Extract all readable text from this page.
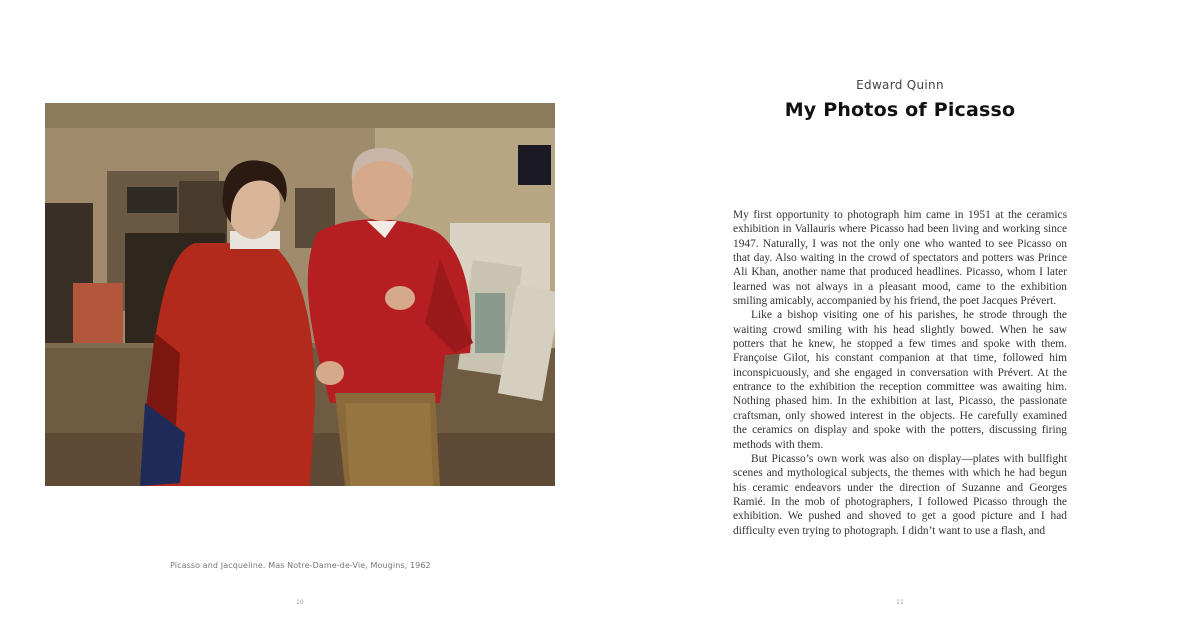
Picasso and Jacqueline. Mas Notre-Dame-de-Vie, Mougins, 1962
10
Edward Quinn
My Photos of Picasso

My first opportunity to photograph him came in 1951 at the ceramics exhibition in Vallauris where Picasso had been living and working since 1947. Naturally, I was not the only one who wanted to see Picasso on that day. Also waiting in the crowd of spectators and potters was Prince Ali Khan, another name that produced headlines. Picasso, whom I later learned was not always in a pleasant mood, came to the exhibition smiling amicably, accompanied by his friend, the poet Jacques Prévert.

Like a bishop visiting one of his parishes, he strode through the waiting crowd smiling with his head slightly bowed. When he saw potters that he knew, he stopped a few times and spoke with them. Françoise Gilot, his constant companion at that time, followed him inconspicuously, and she engaged in conversation with Prévert. At the entrance to the exhibition the reception committee was awaiting him. Nothing phased him. In the exhibition at last, Picasso, the passionate craftsman, only showed interest in the objects. He carefully examined the ceramics on display and spoke with the potters, discussing firing methods with them.

But Picasso’s own work was also on display—plates with bullfight scenes and mythological subjects, the themes with which he had begun his ceramic endeavors under the direction of Suzanne and Georges Ramié. In the mob of photographers, I followed Picasso through the exhibition. We pushed and shoved to get a good picture and I had difficulty even trying to photograph. I didn’t want to use a flash, and

11
